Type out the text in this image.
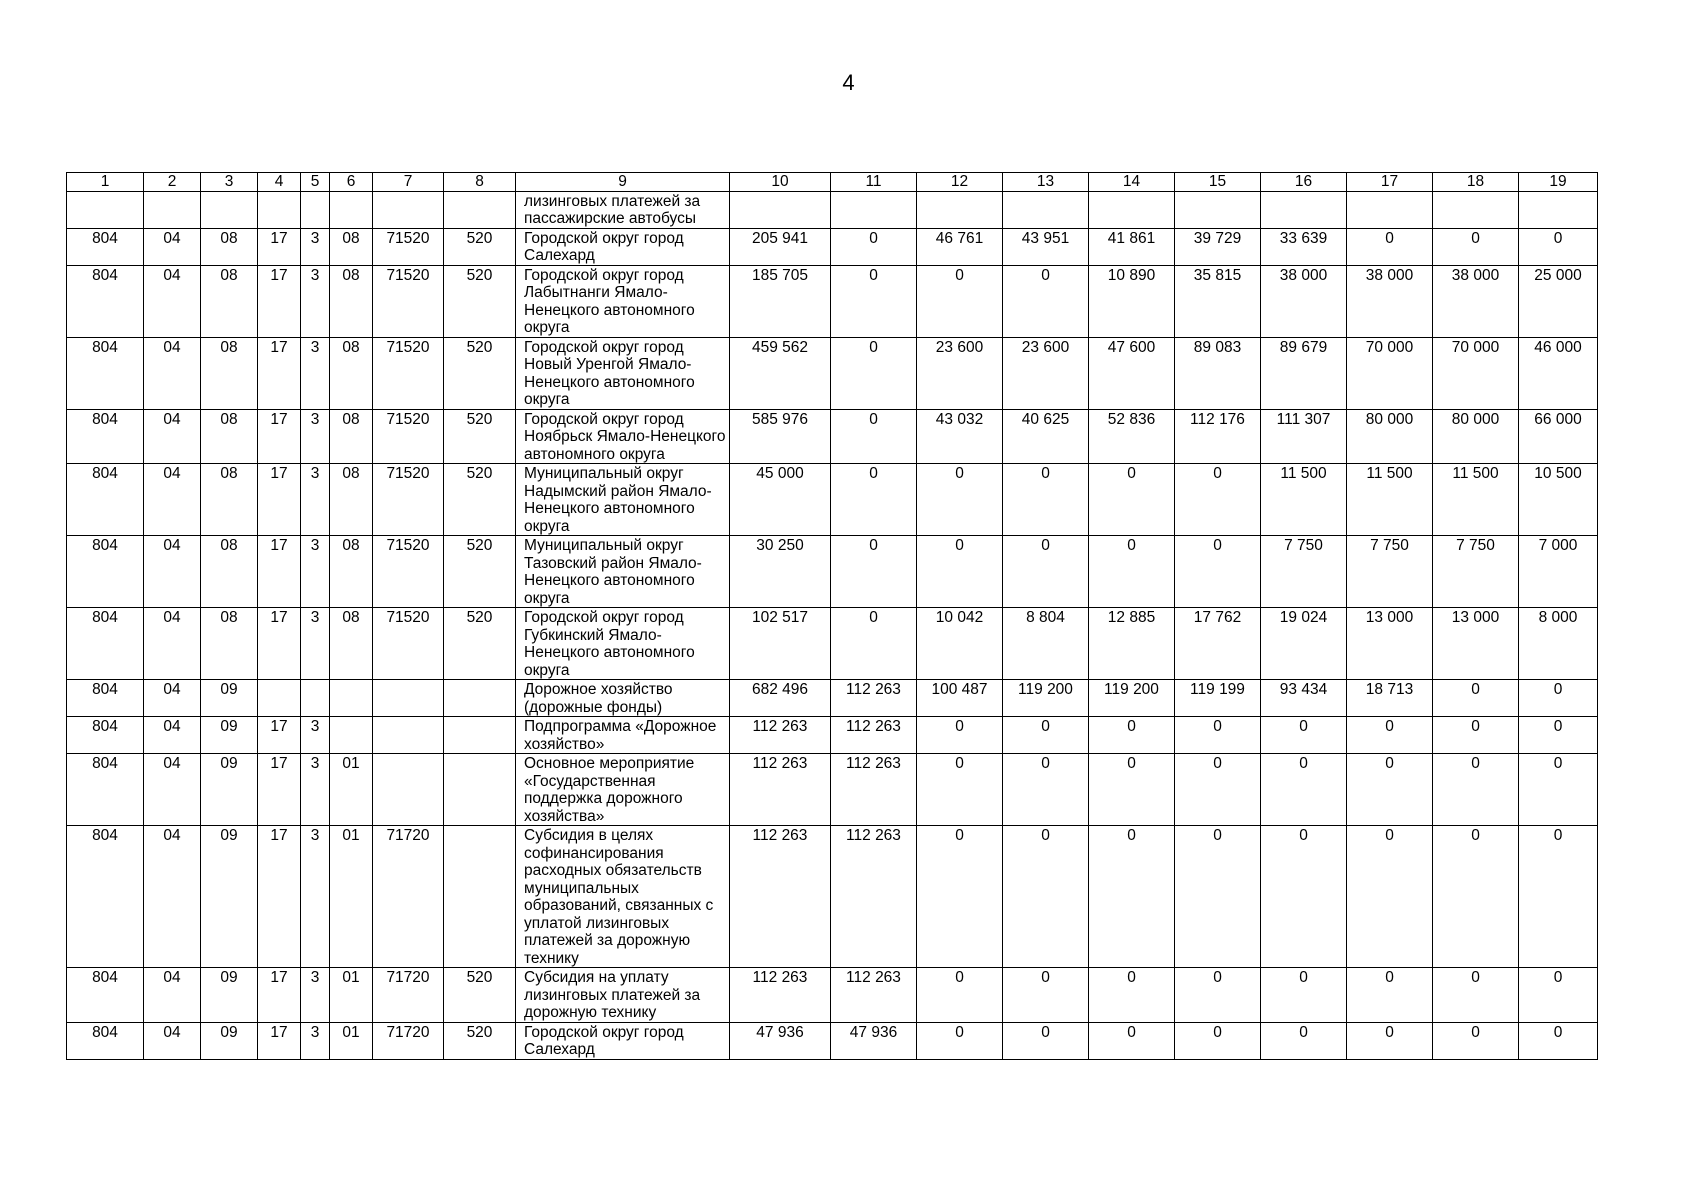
4
1	2	3	4	5	6	7	8	9	10	11	12	13	14	15	16	17	18	19
								лизинговых платежей за пассажирские автобусы										
804	04	08	17	3	08	71520	520	Городской округ город Салехард	205 941	0	46 761	43 951	41 861	39 729	33 639	0	0	0
804	04	08	17	3	08	71520	520	Городской округ город Лабытнанги Ямало-Ненецкого автономного округа	185 705	0	0	0	10 890	35 815	38 000	38 000	38 000	25 000
804	04	08	17	3	08	71520	520	Городской округ город Новый Уренгой Ямало-Ненецкого автономного округа	459 562	0	23 600	23 600	47 600	89 083	89 679	70 000	70 000	46 000
804	04	08	17	3	08	71520	520	Городской округ город Ноябрьск Ямало-Ненецкого автономного округа	585 976	0	43 032	40 625	52 836	112 176	111 307	80 000	80 000	66 000
804	04	08	17	3	08	71520	520	Муниципальный округ Надымский район Ямало-Ненецкого автономного округа	45 000	0	0	0	0	0	11 500	11 500	11 500	10 500
804	04	08	17	3	08	71520	520	Муниципальный округ Тазовский район Ямало-Ненецкого автономного округа	30 250	0	0	0	0	0	7 750	7 750	7 750	7 000
804	04	08	17	3	08	71520	520	Городской округ город Губкинский Ямало-Ненецкого автономного округа	102 517	0	10 042	8 804	12 885	17 762	19 024	13 000	13 000	8 000
804	04	09						Дорожное хозяйство (дорожные фонды)	682 496	112 263	100 487	119 200	119 200	119 199	93 434	18 713	0	0
804	04	09	17	3				Подпрограмма «Дорожное хозяйство»	112 263	112 263	0	0	0	0	0	0	0	0
804	04	09	17	3	01			Основное мероприятие «Государственная поддержка дорожного хозяйства»	112 263	112 263	0	0	0	0	0	0	0	0
804	04	09	17	3	01	71720		Субсидия в целях софинансирования расходных обязательств муниципальных образований, связанных с уплатой лизинговых платежей за дорожную технику	112 263	112 263	0	0	0	0	0	0	0	0
804	04	09	17	3	01	71720	520	Субсидия на уплату лизинговых платежей за дорожную технику	112 263	112 263	0	0	0	0	0	0	0	0
804	04	09	17	3	01	71720	520	Городской округ город Салехард	47 936	47 936	0	0	0	0	0	0	0	0
